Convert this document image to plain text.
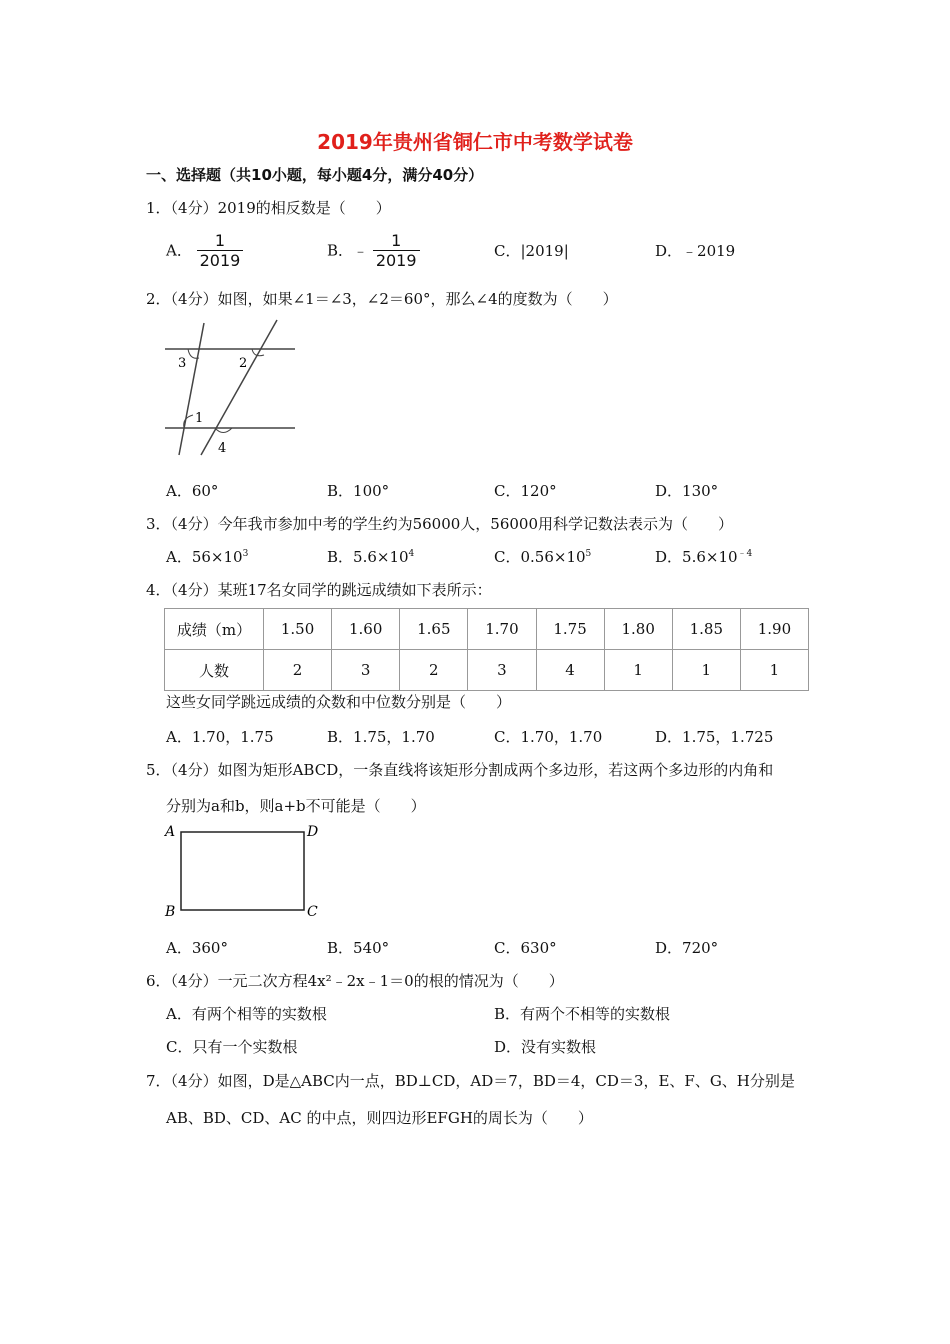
2019年贵州省铜仁市中考数学试卷
一、选择题（共10小题，每小题4分，满分40分）
1．（4分）2019的相反数是（　　）
A． $\frac{1}{2019}$	B．﹣ $\frac{1}{2019}$	C．|2019|	D．﹣2019
2．（4分）如图，如果∠1＝∠3，∠2＝60°，那么∠4的度数为（　　）
3	2
1
4
A．60°	B．100°	C．120°	D．130°
3．（4分）今年我市参加中考的学生约为56000人，56000用科学记数法表示为（　　）
A．$56\times 10^3$	B．$5.6\times 10^4$	C．$0.56\times 10^5$	D．$5.6\times 10^{﹣4}$
4．（4分）某班17名女同学的跳远成绩如下表所示：
成绩（m）	1.50	1.60	1.65	1.70	1.75	1.80	1.85	1.90
人数	2	3	2	3	4	1	1	1
这些女同学跳远成绩的众数和中位数分别是（　　）
A．1.70，1.75	B．1.75，1.70	C．1.70，1.70	D．1.75，1.725
5．（4分）如图为矩形ABCD，一条直线将该矩形分割成两个多边形，若这两个多边形的内角和
分别为a和b，则a+b不可能是（　　）
A	D
B	C
A．360°	B．540°	C．630°	D．720°
6．（4分）一元二次方程4x²﹣2x﹣1＝0的根的情况为（　　）
A．有两个相等的实数根	B．有两个不相等的实数根
C．只有一个实数根	D．没有实数根
7．（4分）如图，D是△ABC内一点，BD⊥CD，AD＝7，BD＝4，CD＝3，E、F、G、H分别是
AB、BD、CD、AC 的中点，则四边形EFGH的周长为（　　）
